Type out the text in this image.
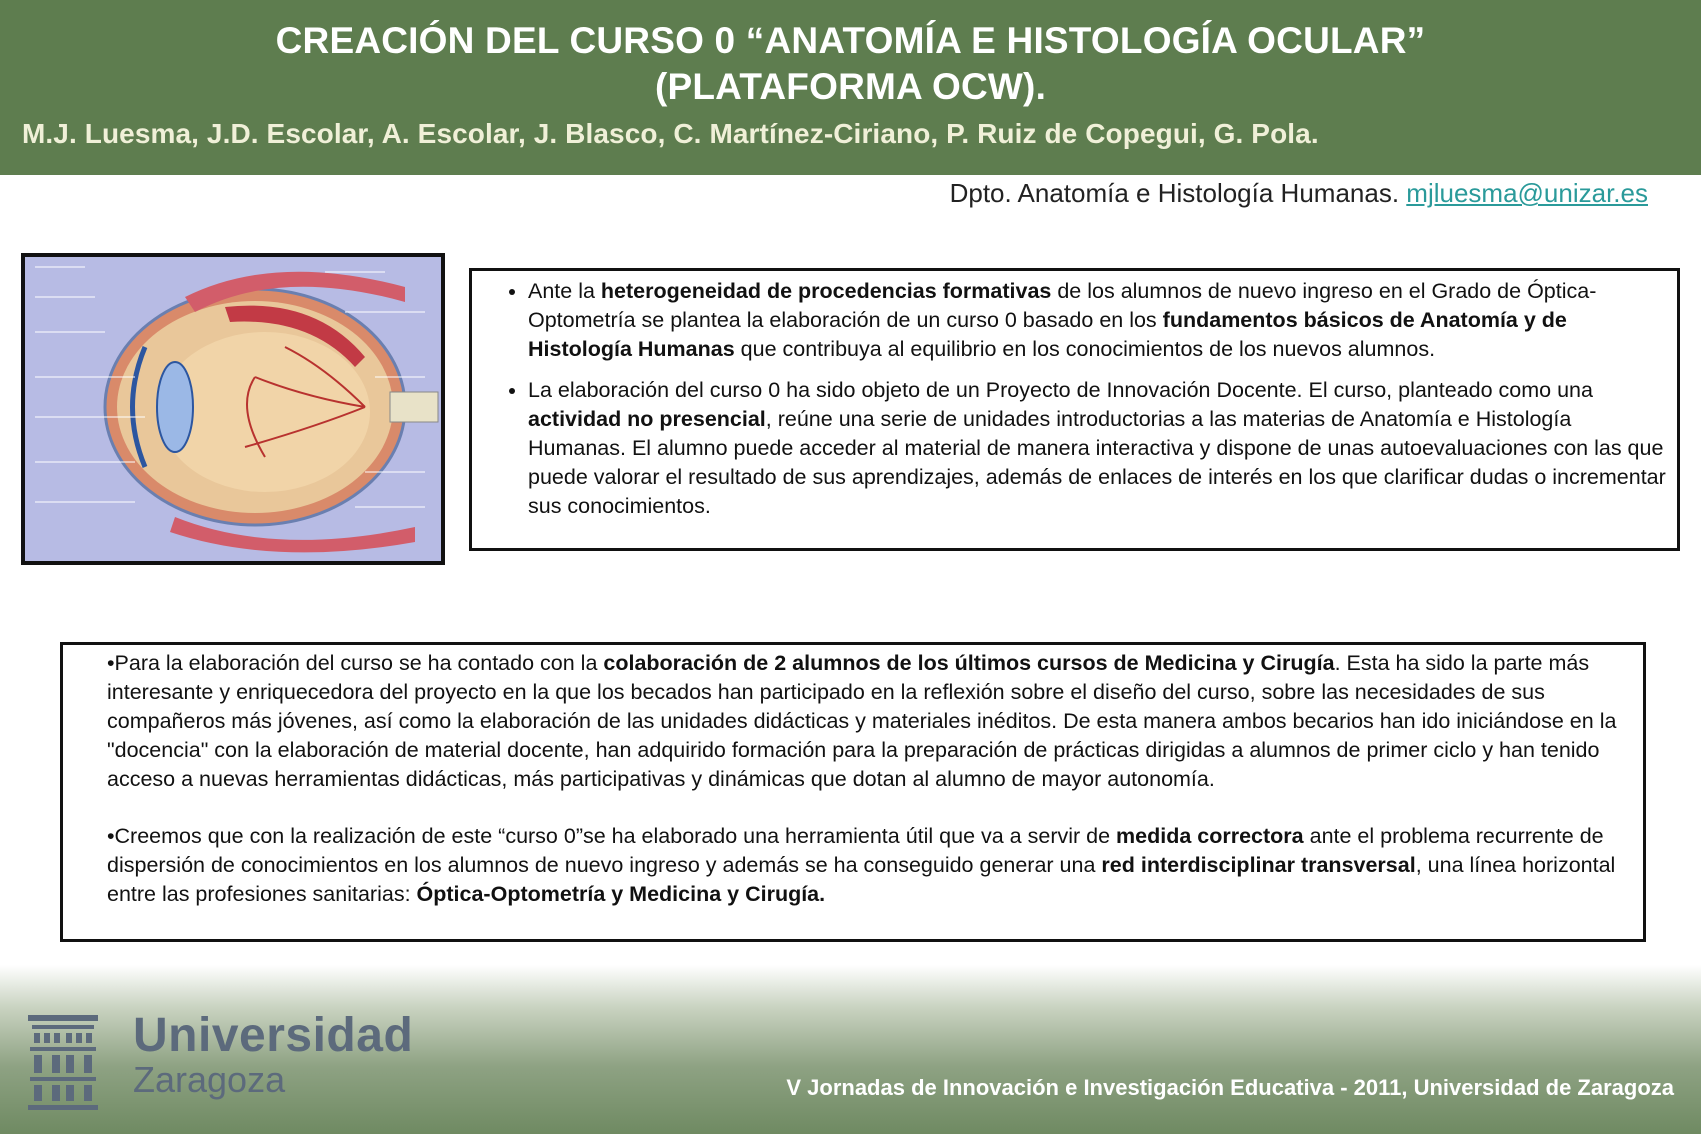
CREACIÓN DEL CURSO 0 “ANATOMÍA E HISTOLOGÍA OCULAR”
(PLATAFORMA OCW).
M.J. Luesma, J.D. Escolar, A. Escolar, J. Blasco, C. Martínez-Ciriano, P. Ruiz de Copegui, G. Pola.
Dpto. Anatomía e Histología Humanas. mjluesma@unizar.es
• Ante la heterogeneidad de procedencias formativas de los alumnos de nuevo ingreso en el Grado de Óptica-Optometría se plantea la elaboración de un curso 0 basado en los fundamentos básicos de Anatomía y de Histología Humanas que contribuya al equilibrio en los conocimientos de los nuevos alumnos.
• La elaboración del curso 0 ha sido objeto de un Proyecto de Innovación Docente. El curso, planteado como una actividad no presencial, reúne una serie de unidades introductorias a las materias de Anatomía e Histología Humanas. El alumno puede acceder al material de manera interactiva y dispone de unas autoevaluaciones con las que puede valorar el resultado de sus aprendizajes, además de enlaces de interés en los que clarificar dudas o incrementar sus conocimientos.

•Para la elaboración del curso se ha contado con la colaboración de 2 alumnos de los últimos cursos de Medicina y Cirugía. Esta ha sido la parte más interesante y enriquecedora del proyecto en la que los becados han participado en la reflexión sobre el diseño del curso, sobre las necesidades de sus compañeros más jóvenes, así como la elaboración de las unidades didácticas y materiales inéditos. De esta manera ambos becarios han ido iniciándose en la "docencia" con la elaboración de material docente, han adquirido formación para la preparación de prácticas dirigidas a alumnos de primer ciclo y han tenido acceso a nuevas herramientas didácticas, más participativas y dinámicas que dotan al alumno de mayor autonomía.

•Creemos que con la realización de este “curso 0”se ha elaborado una herramienta útil que va a servir de medida correctora ante el problema recurrente de dispersión de conocimientos en los alumnos de nuevo ingreso y además se ha conseguido generar una red interdisciplinar transversal, una línea horizontal entre las profesiones sanitarias: Óptica-Optometría y Medicina y Cirugía.

Universidad
Zaragoza	V Jornadas de Innovación e Investigación Educativa - 2011, Universidad de Zaragoza
